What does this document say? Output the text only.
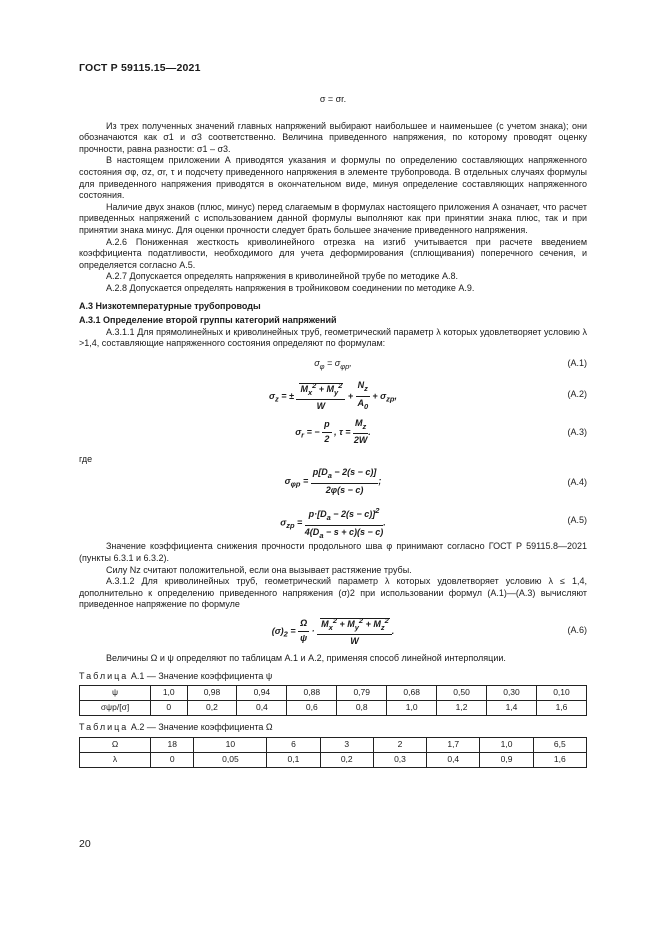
ГОСТ Р 59115.15—2021

σ = σr.

Из трех полученных значений главных напряжений выбирают наибольшее и наименьшее (с учетом знака); они обозначаются как σ1 и σ3 соответственно. Величина приведенного напряжения, по которому проводят оценку прочности, равна разности: σ1 – σ3.

В настоящем приложении А приводятся указания и формулы по определению составляющих напряженного состояния σφ, σz, σr, τ и подсчету приведенного напряжения в элементе трубопровода. В отдельных случаях формулы для приведенного напряжения приводятся в окончательном виде, минуя определение составляющих напряженного состояния.

Наличие двух знаков (плюс, минус) перед слагаемым в формулах настоящего приложения А означает, что расчет приведенных напряжений с использованием данной формулы выполняют как при принятии знака плюс, так и при принятии знака минус. Для оценки прочности следует брать большее значение приведенного напряжения.

А.2.6 Пониженная жесткость криволинейного отрезка на изгиб учитывается при расчете введением коэффициента податливости, необходимого для учета деформирования (сплющивания) поперечного сечения, и определяется согласно А.5.

А.2.7 Допускается определять напряжения в криволинейной трубе по методике А.8.

А.2.8 Допускается определять напряжения в тройниковом соединении по методике А.9.

А.3 Низкотемпературные трубопроводы

А.3.1 Определение второй группы категорий напряжений

А.3.1.1 Для прямолинейных и криволинейных труб, геометрический параметр λ которых удовлетворяет условию λ >1,4, составляющие напряженного состояния определяют по формулам:

$\sigma_\varphi = \sigma_{\varphi p}$,	(А.1)
$\sigma_z$ = ± $\frac{M_x^2 + M_y^2}{W} + \frac{N_z}{A_0} + \sigma_{zp}$,	(А.2)
$\sigma_r$ = − $\frac{p}{2}$ , $\tau = \frac{M_z}{2W}$ .	(А.3)

где

$\sigma_{\varphi p} = \frac{p[D_a - 2(s - c)]}{2\varphi(s - c)}$ ;	(А.4)
$\sigma_{zp} = \frac{p\cdot[D_a - 2(s - c)]^2}{4(D_a - s + c)(s - c)}$ .	(А.5)

Значение коэффициента снижения прочности продольного шва φ принимают согласно ГОСТ Р 59115.8—2021 (пункты 6.3.1 и 6.3.2).

Силу Nz считают положительной, если она вызывает растяжение трубы.

А.3.1.2 Для криволинейных труб, геометрический параметр λ которых удовлетворяет условию λ ≤ 1,4, дополнительно к определению приведенного напряжения (σ)2 при использовании формул (А.1)—(А.3) вычисляют приведенное напряжение по формуле

$(\sigma)_2 = \frac{\Omega}{\psi} \cdot \frac{M_x^2 + M_y^2 + M_z^2}{W}$ .	(А.6)

Величины Ω и ψ определяют по таблицам А.1 и А.2, применяя способ линейной интерполяции.

Таблица А.1 — Значение коэффициента ψ
ψ	1,0	0,98	0,94	0,88	0,79	0,68	0,50	0,30	0,10
σψp/[σ]	0	0,2	0,4	0,6	0,8	1,0	1,2	1,4	1,6
Таблица А.2 — Значение коэффициента Ω
Ω	18	10	6	3	2	1,7	1,0	6,5
λ	0	0,05	0,1	0,2	0,3	0,4	0,9	1,6
20
